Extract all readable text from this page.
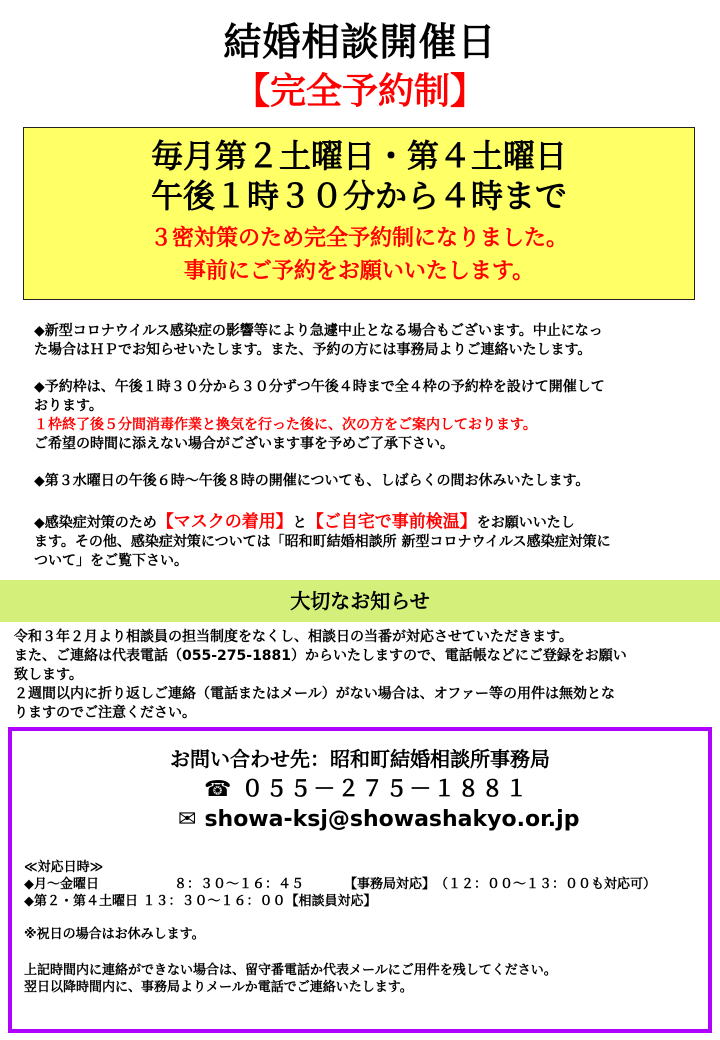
結婚相談開催日
【完全予約制】

毎月第２土曜日・第４土曜日

午後１時３０分から４時まで

３密対策のため完全予約制になりました。

事前にご予約をお願いいたします。

◆新型コロナウイルス感染症の影響等により急遽中止となる場合もございます。中止になっ

た場合はＨＰでお知らせいたします。また、予約の方には事務局よりご連絡いたします。

◆予約枠は、午後１時３０分から３０分ずつ午後４時まで全４枠の予約枠を設けて開催して

おります。

１枠終了後５分間消毒作業と換気を行った後に、次の方をご案内しております。

ご希望の時間に添えない場合がございます事を予めご了承下さい。

◆第３水曜日の午後６時～午後８時の開催についても、しばらくの間お休みいたします。

◆感染症対策のため【マスクの着用】と【ご自宅で事前検温】をお願いいたし

ます。その他、感染症対策については「昭和町結婚相談所 新型コロナウイルス感染症対策に

ついて」をご覧下さい。

大切なお知らせ

令和３年２月より相談員の担当制度をなくし、相談日の当番が対応させていただきます。

また、ご連絡は代表電話（055-275-1881）からいたしますので、電話帳などにご登録をお願い

致します。

２週間以内に折り返しご連絡（電話またはメール）がない場合は、オファー等の用件は無効とな

りますのでご注意ください。

お問い合わせ先：昭和町結婚相談所事務局
☎ ０５５－２７５－１８８１
✉ showa-ksj@showashakyo.or.jp

≪対応日時≫

◆月～金曜日	８：３０～１６：４５	【事務局対応】（１２：００～１３：００も対応可）

◆第２・第４土曜日 １３：３０～１６：００【相談員対応】

※祝日の場合はお休みします。

上記時間内に連絡ができない場合は、留守番電話か代表メールにご用件を残してください。

翌日以降時間内に、事務局よりメールか電話でご連絡いたします。
